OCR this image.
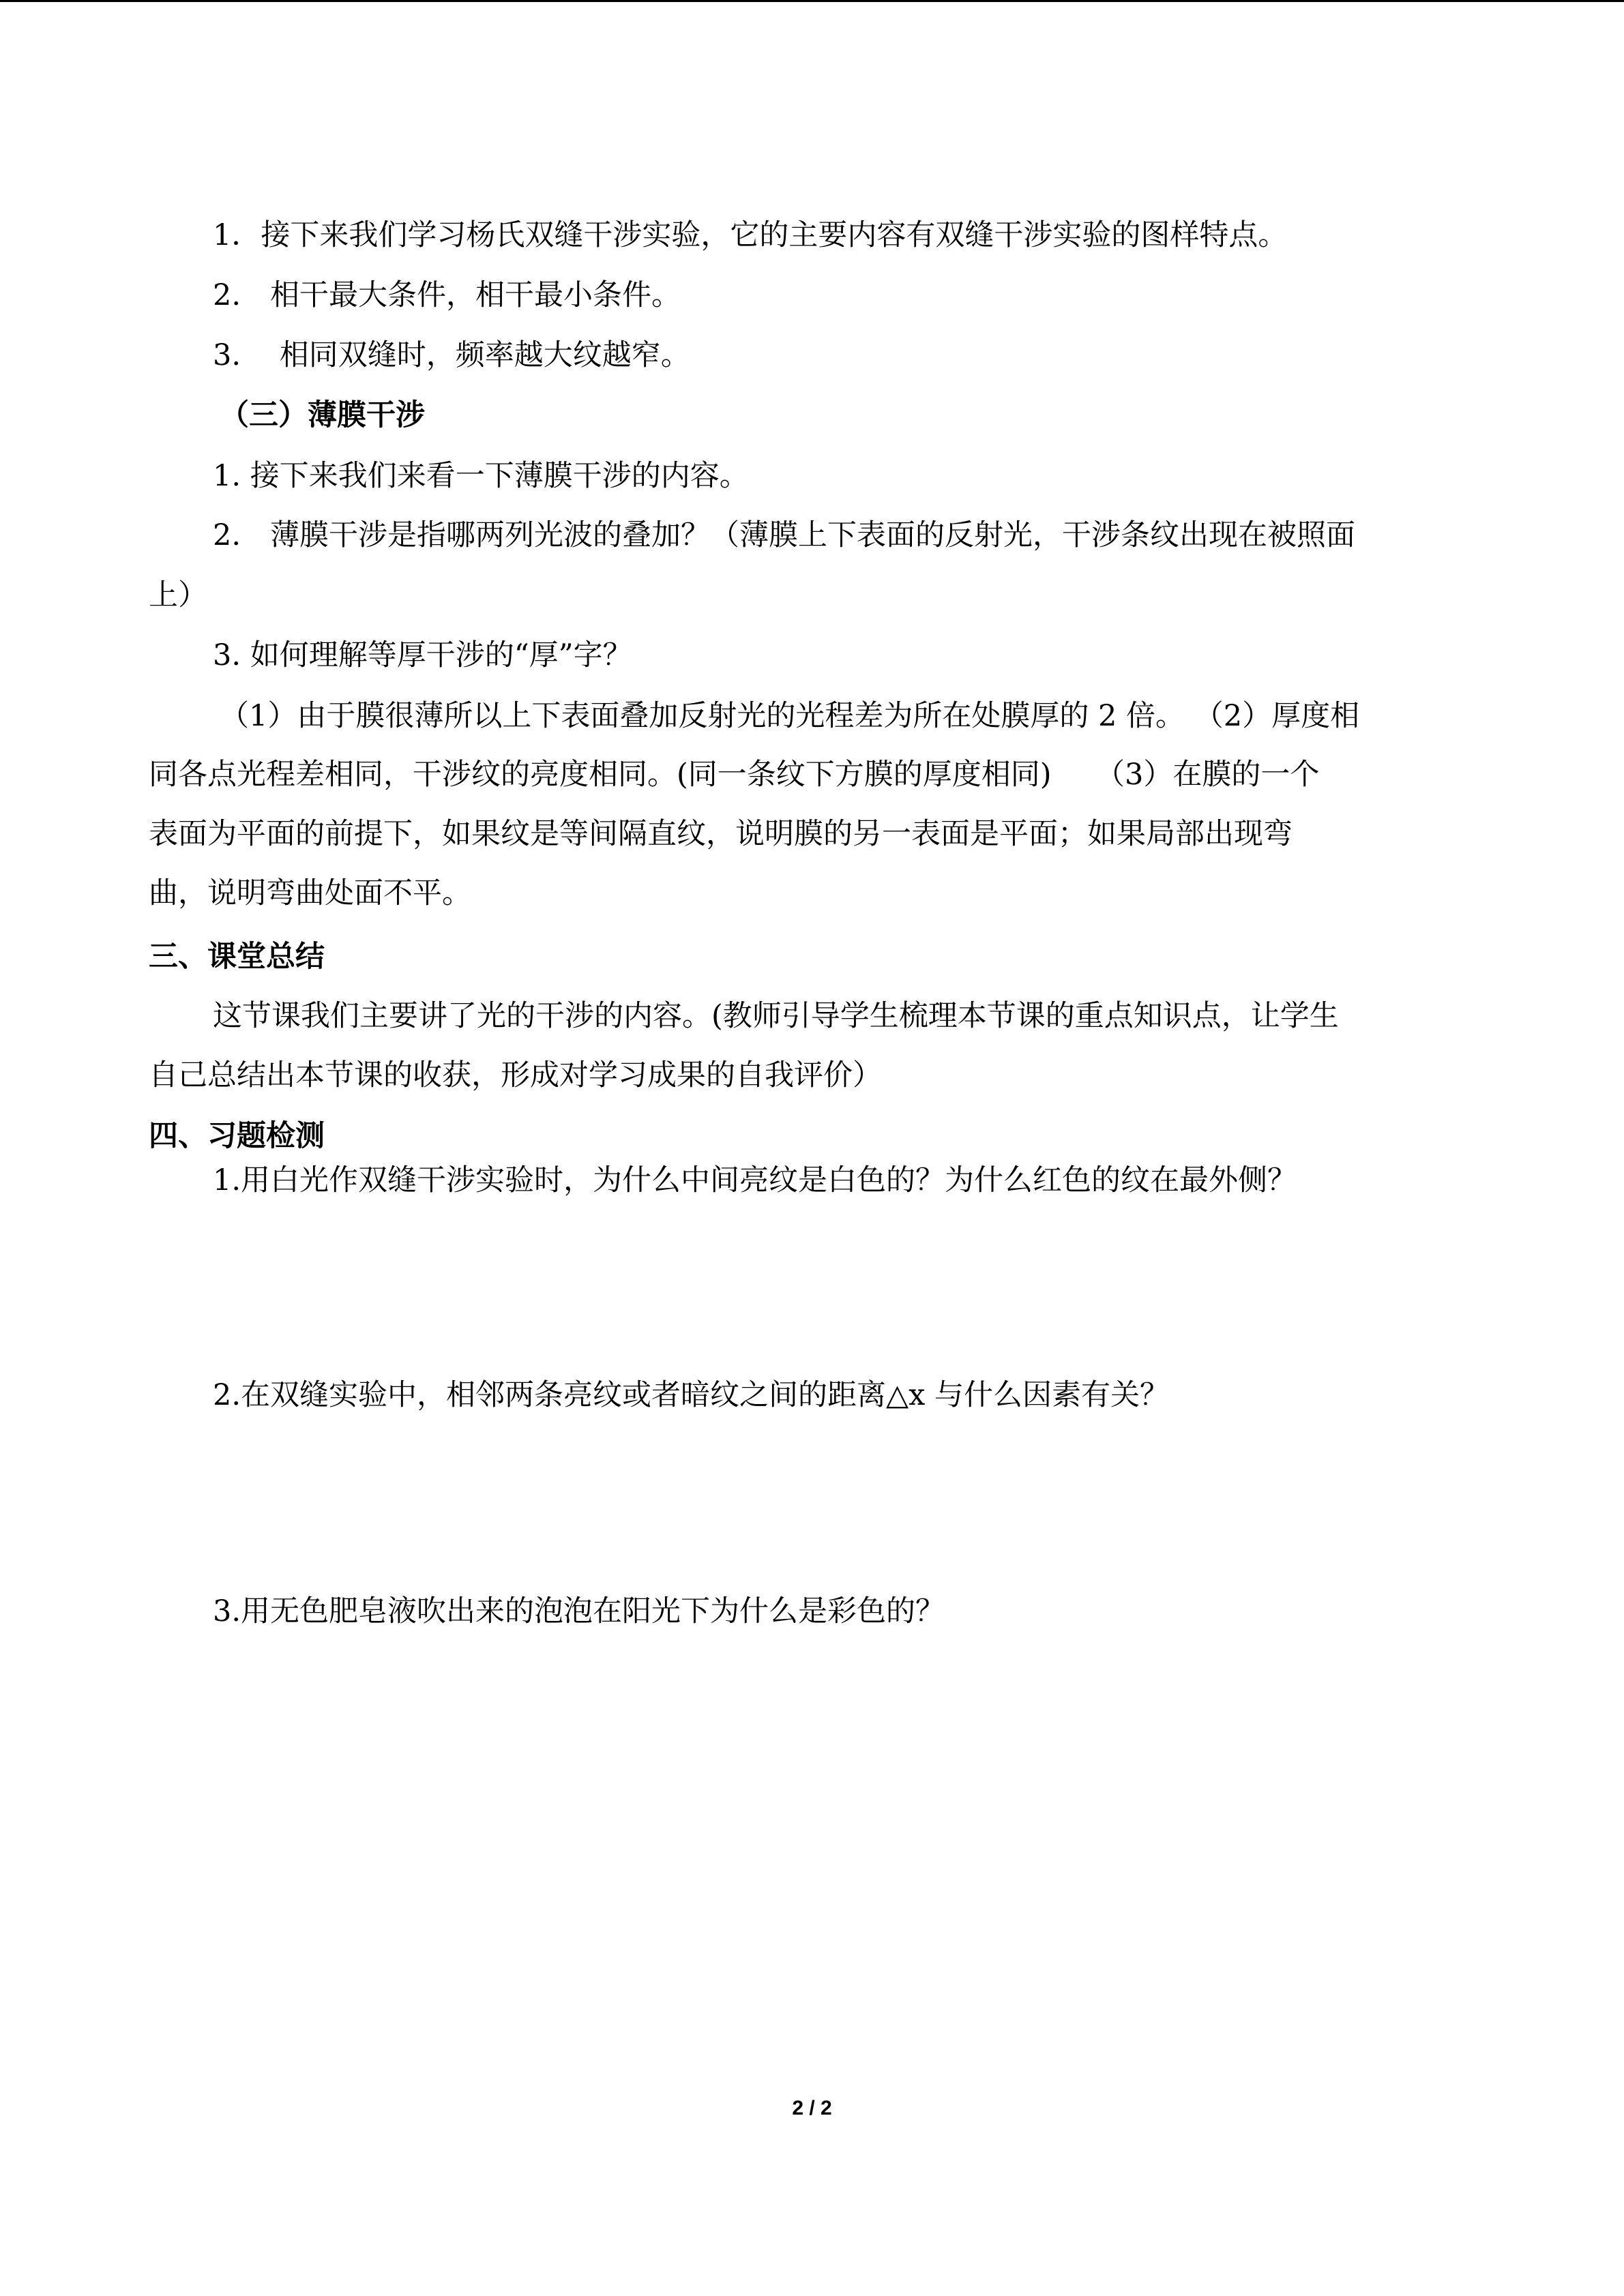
1．接下来我们学习杨氏双缝干涉实验，它的主要内容有双缝干涉实验的图样特点。

2.　相干最大条件，相干最小条件。

3.　 相同双缝时，频率越大纹越窄。

（三）薄膜干涉

1. 接下来我们来看一下薄膜干涉的内容。

2.　薄膜干涉是指哪两列光波的叠加？（薄膜上下表面的反射光，干涉条纹出现在被照面

上）

3. 如何理解等厚干涉的“厚”字？

（1）由于膜很薄所以上下表面叠加反射光的光程差为所在处膜厚的 2 倍。 （2）厚度相

同各点光程差相同，干涉纹的亮度相同。(同一条纹下方膜的厚度相同)　　（3）在膜的一个

表面为平面的前提下，如果纹是等间隔直纹，说明膜的另一表面是平面；如果局部出现弯

曲，说明弯曲处面不平。

三、课堂总结

这节课我们主要讲了光的干涉的内容。(教师引导学生梳理本节课的重点知识点，让学生

自己总结出本节课的收获，形成对学习成果的自我评价）

四、习题检测

1.用白光作双缝干涉实验时，为什么中间亮纹是白色的？为什么红色的纹在最外侧？

2.在双缝实验中，相邻两条亮纹或者暗纹之间的距离△x 与什么因素有关？

3.用无色肥皂液吹出来的泡泡在阳光下为什么是彩色的？

2 / 2
